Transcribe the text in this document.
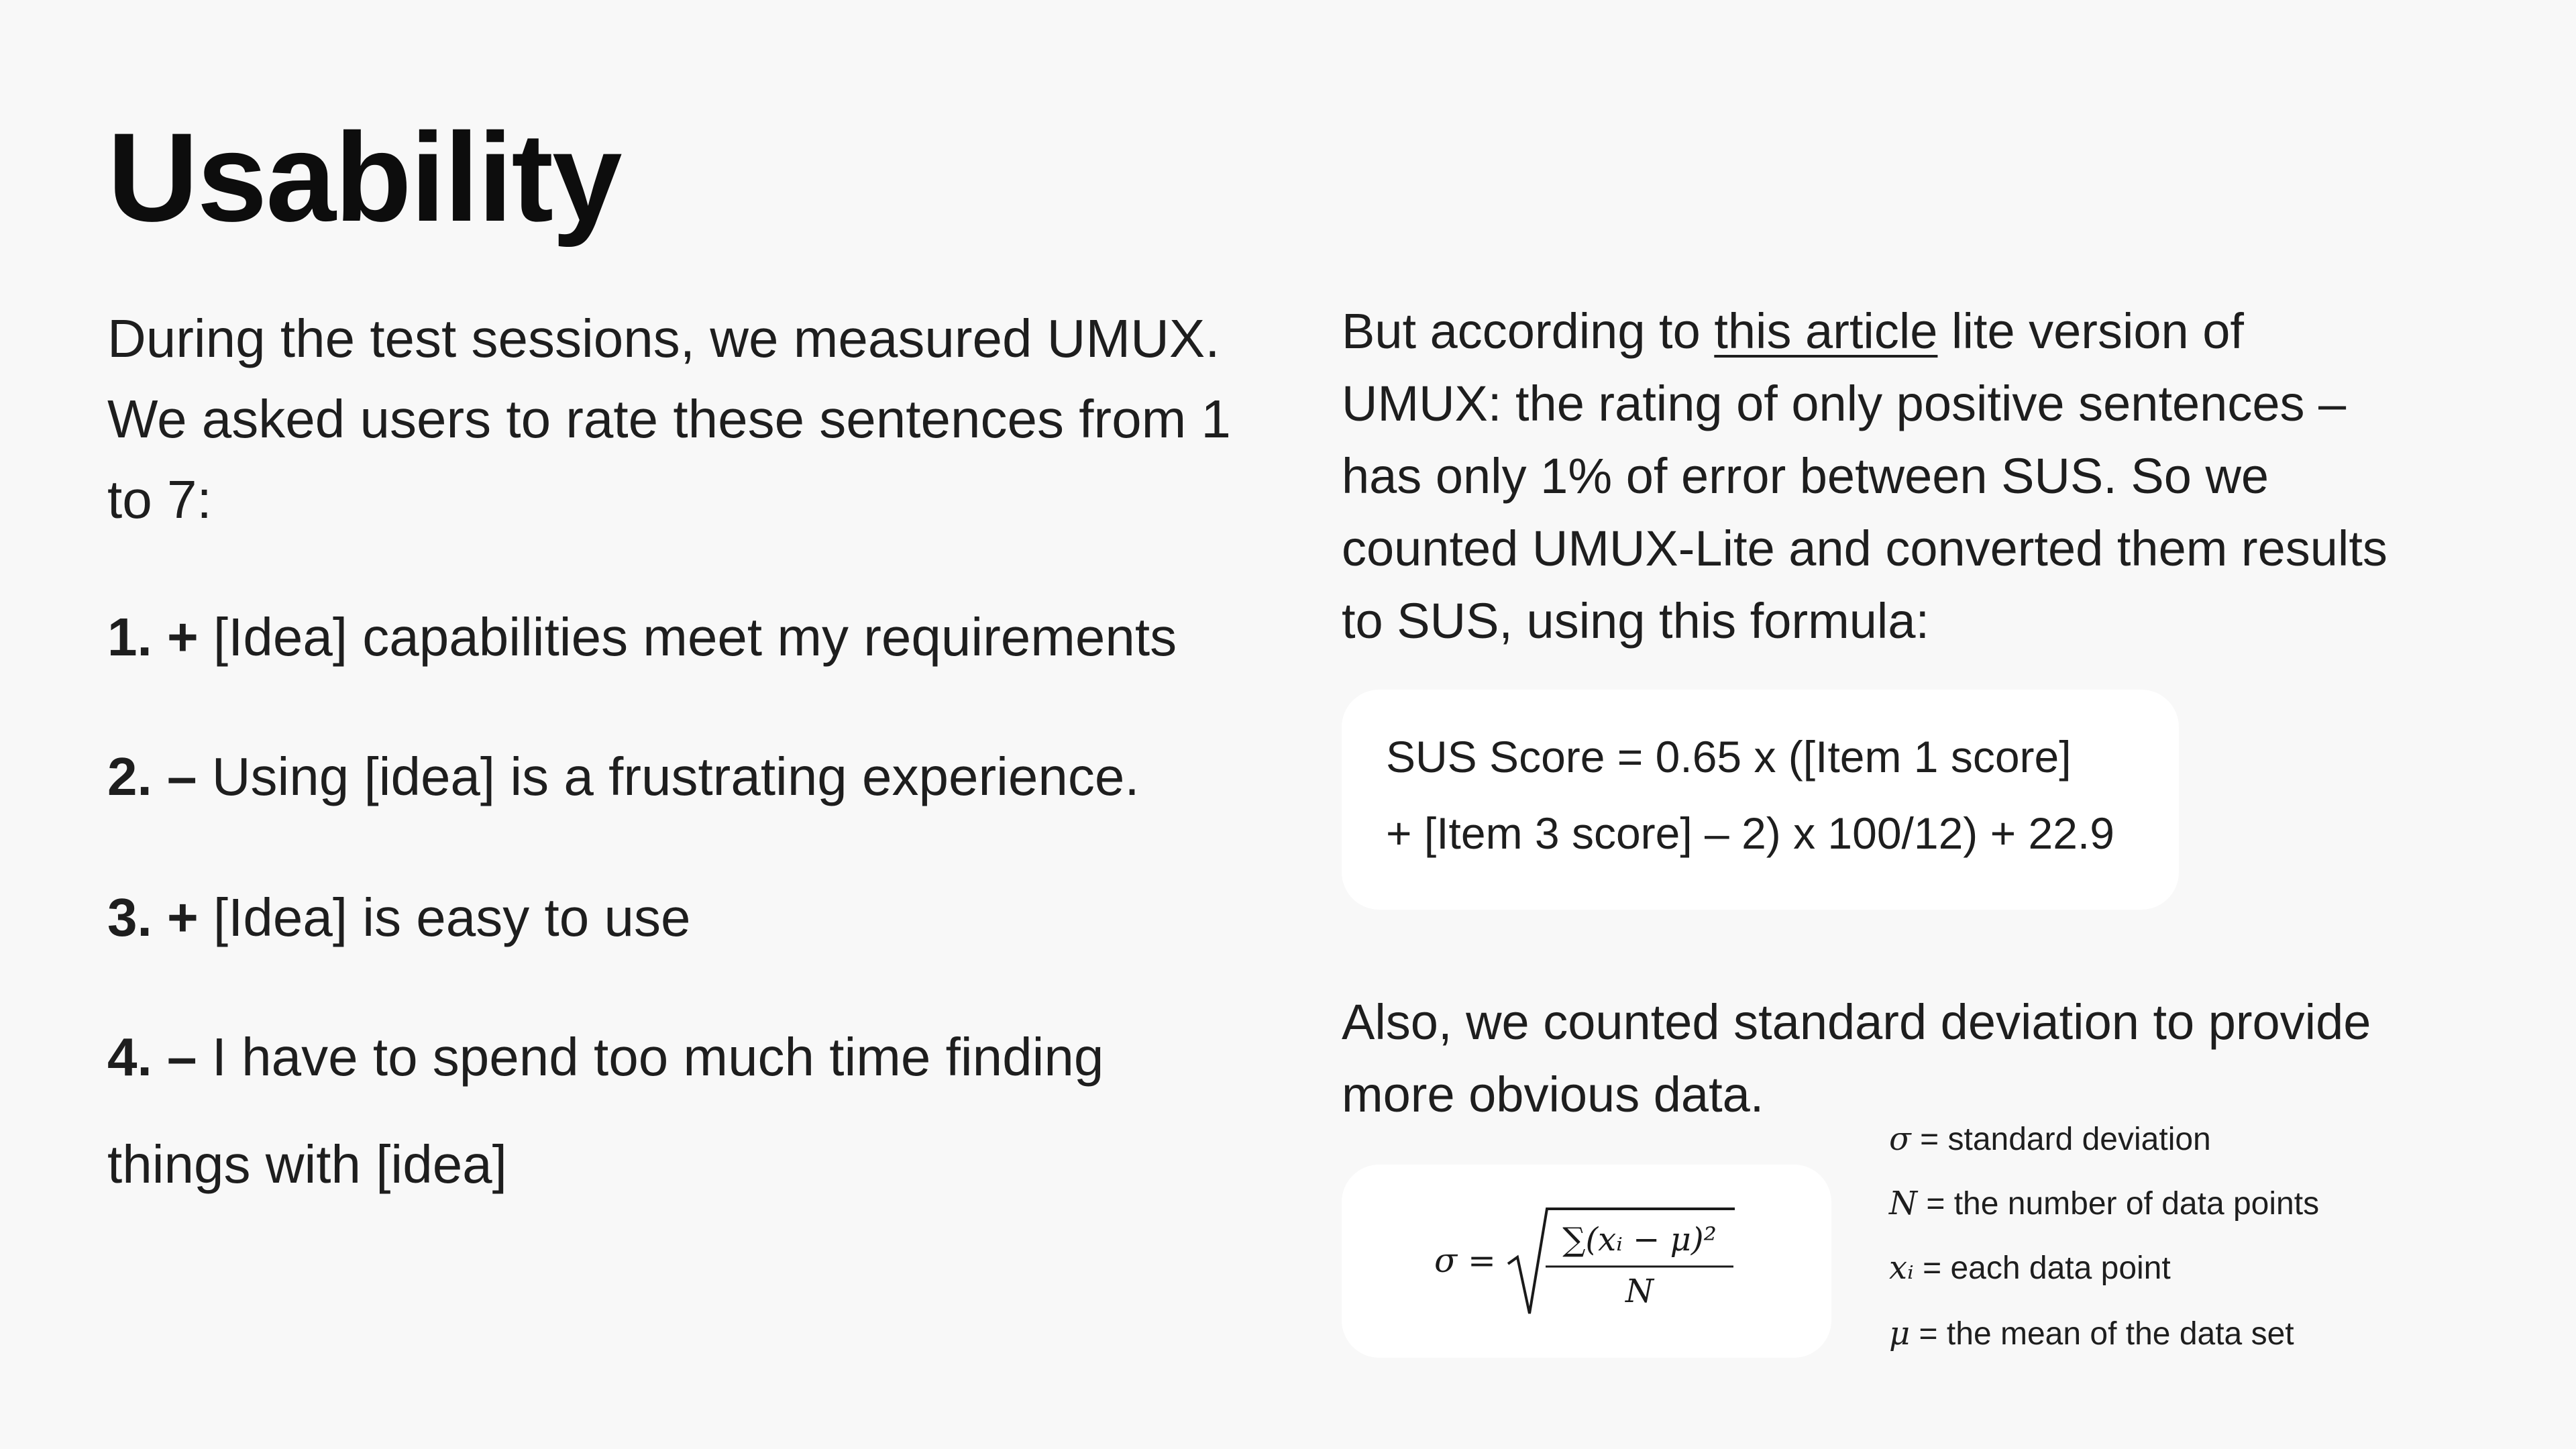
Usability
During the test sessions, we measured UMUX. We asked users to rate these sentences from 1 to 7:
1. + [Idea] capabilities meet my requirements
2. – Using [idea] is a frustrating experience.
3. + [Idea] is easy to use
4. – I have to spend too much time finding things with [idea]
But according to this article lite version of UMUX: the rating of only positive sentences – has only 1% of error between SUS. So we counted UMUX-Lite and converted them results to SUS, using this formula:
SUS Score = 0.65 x ([Item 1 score]
+ [Item 3 score] – 2) x 100/12) + 22.9
Also, we counted standard deviation to provide more obvious data.
σ =
∑(xᵢ − μ)²
N
σ = standard deviation
N = the number of data points
xᵢ = each data point
μ = the mean of the data set
